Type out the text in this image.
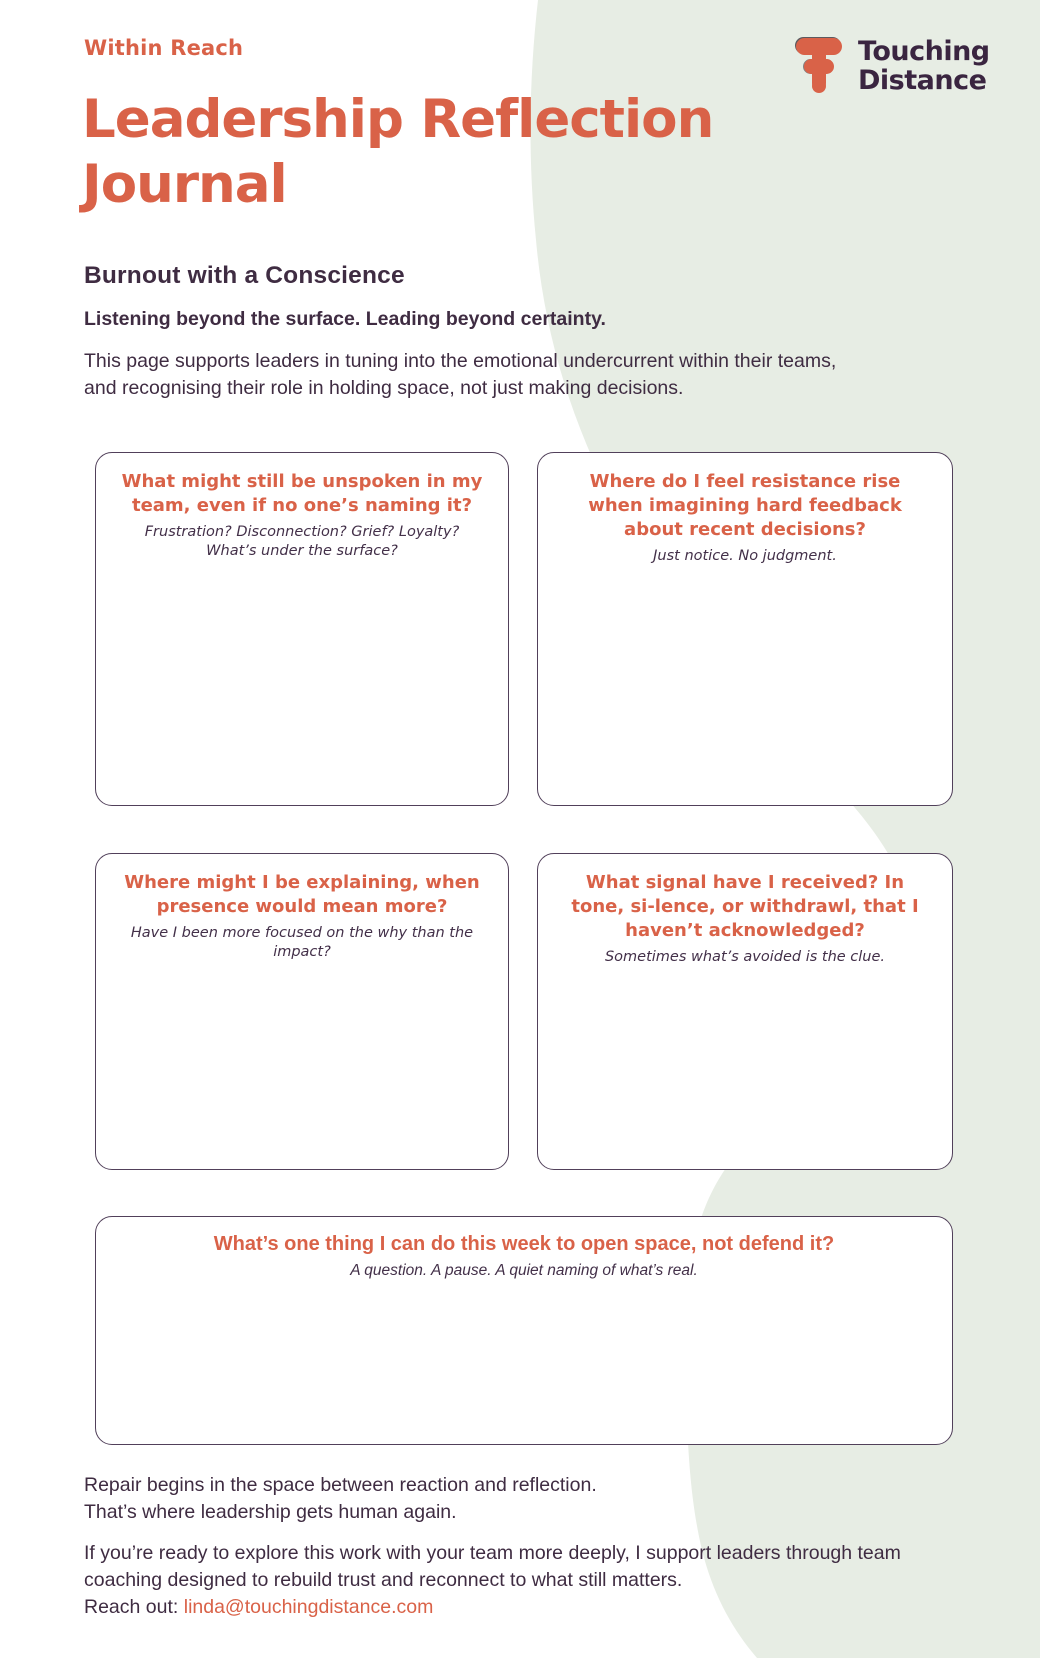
Within Reach	Touching
Distance
Leadership Reflection Journal
Burnout with a Conscience
Listening beyond the surface. Leading beyond certainty.
This page supports leaders in tuning into the emotional undercurrent within their teams, and recognising their role in holding space, not just making decisions.
What might still be unspoken in my team, even if no one’s naming it?
Frustration? Disconnection? Grief? Loyalty? What’s under the surface?
Where do I feel resistance rise when imagining hard feedback about recent decisions?
Just notice. No judgment.
Where might I be explaining, when presence would mean more?
Have I been more focused on the why than the impact?
What signal have I received? In tone, si-lence, or withdrawl, that I haven’t acknowledged?
Sometimes what’s avoided is the clue.
What’s one thing I can do this week to open space, not defend it?
A question. A pause. A quiet naming of what’s real.
Repair begins in the space between reaction and reflection.
That’s where leadership gets human again.
If you’re ready to explore this work with your team more deeply, I support leaders through team coaching designed to rebuild trust and reconnect to what still matters.
Reach out: linda@touchingdistance.com
